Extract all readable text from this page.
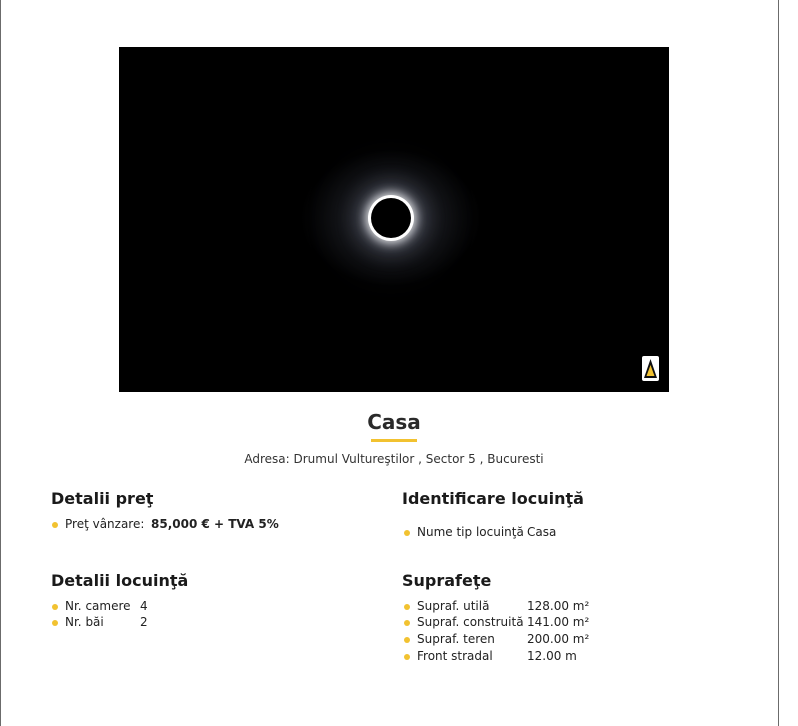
Casa
Adresa: Drumul Vultureştilor , Sector 5 , Bucuresti
Detalii preţ
Preţ vânzare: 85,000 € + TVA 5%
Identificare locuinţă
Nume tip locuinţă Casa
Detalii locuinţă
Nr. camere 4
Nr. băi	2
Suprafeţe
Supraf. utilă	128.00 m²
Supraf. construită 141.00 m²
Supraf. teren	200.00 m²
Front stradal	12.00 m
